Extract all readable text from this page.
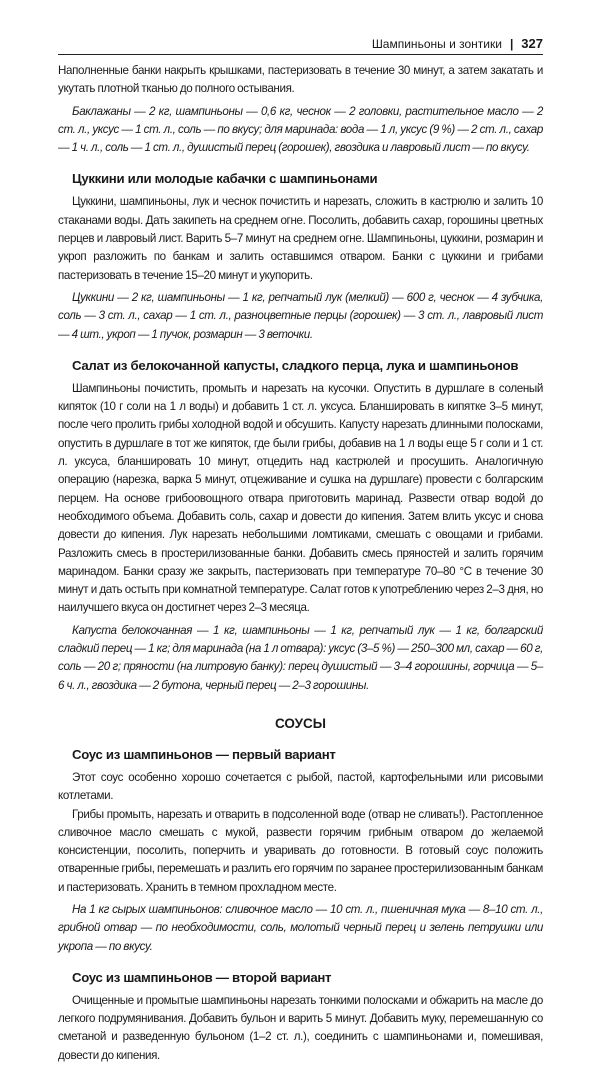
Шампиньоны и зонтики | 327

Наполненные банки накрыть крышками, пастеризовать в течение 30 минут, а затем закатать и укутать плотной тканью до полного остывания.

Баклажаны — 2 кг, шампиньоны — 0,6 кг, чеснок — 2 головки, растительное масло — 2 ст. л., уксус — 1 ст. л., соль — по вкусу; для маринада: вода — 1 л, уксус (9 %) — 2 ст. л., сахар — 1 ч. л., соль — 1 ст. л., душистый перец (горошек), гвоздика и лавровый лист — по вкусу.

Цуккини или молодые кабачки с шампиньонами

Цуккини, шампиньоны, лук и чеснок почистить и нарезать, сложить в кастрюлю и залить 10 стаканами воды. Дать закипеть на среднем огне. Посолить, добавить сахар, горошины цветных перцев и лавровый лист. Варить 5–7 минут на среднем огне. Шампиньоны, цуккини, розмарин и укроп разложить по банкам и залить оставшимся отваром. Банки с цуккини и грибами пастеризовать в течение 15–20 минут и укупорить.

Цуккини — 2 кг, шампиньоны — 1 кг, репчатый лук (мелкий) — 600 г, чеснок — 4 зубчика, соль — 3 ст. л., сахар — 1 ст. л., разноцветные перцы (горошек) — 3 ст. л., лавровый лист — 4 шт., укроп — 1 пучок, розмарин — 3 веточки.

Салат из белокочанной капусты, сладкого перца, лука и шампиньонов

Шампиньоны почистить, промыть и нарезать на кусочки. Опустить в дуршлаге в соленый кипяток (10 г соли на 1 л воды) и добавить 1 ст. л. уксуса. Бланшировать в кипятке 3–5 минут, после чего пролить грибы холодной водой и обсушить. Капусту нарезать длинными полосками, опустить в дуршлаге в тот же кипяток, где были грибы, добавив на 1 л воды еще 5 г соли и 1 ст. л. уксуса, бланшировать 10 минут, отцедить над кастрюлей и просушить. Аналогичную операцию (нарезка, варка 5 минут, отцеживание и сушка на дуршлаге) провести с болгарским перцем. На основе грибоовощного отвара приготовить маринад. Развести отвар водой до необходимого объема. Добавить соль, сахар и довести до кипения. Затем влить уксус и снова довести до кипения. Лук нарезать небольшими ломтиками, смешать с овощами и грибами. Разложить смесь в простерилизованные банки. Добавить смесь пряностей и залить горячим маринадом. Банки сразу же закрыть, пастеризовать при температуре 70–80 °С в течение 30 минут и дать остыть при комнатной температуре. Салат готов к употреблению через 2–3 дня, но наилучшего вкуса он достигнет через 2–3 месяца.

Капуста белокочанная — 1 кг, шампиньоны — 1 кг, репчатый лук — 1 кг, болгарский сладкий перец — 1 кг; для маринада (на 1 л отвара): уксус (3–5 %) — 250–300 мл, сахар — 60 г, соль — 20 г; пряности (на литровую банку): перец душистый — 3–4 горошины, горчица — 5–6 ч. л., гвоздика — 2 бутона, черный перец — 2–3 горошины.

СОУСЫ
Соус из шампиньонов — первый вариант

Этот соус особенно хорошо сочетается с рыбой, пастой, картофельными или рисовыми котлетами.

Грибы промыть, нарезать и отварить в подсоленной воде (отвар не сливать!). Растопленное сливочное масло смешать с мукой, развести горячим грибным отваром до желаемой консистенции, посолить, поперчить и уваривать до готовности. В готовый соус положить отваренные грибы, перемешать и разлить его горячим по заранее простерилизованным банкам и пастеризовать. Хранить в темном прохладном месте.

На 1 кг сырых шампиньонов: сливочное масло — 10 ст. л., пшеничная мука — 8–10 ст. л., грибной отвар — по необходимости, соль, молотый черный перец и зелень петрушки или укропа — по вкусу.

Соус из шампиньонов — второй вариант

Очищенные и промытые шампиньоны нарезать тонкими полосками и обжарить на масле до легкого подрумянивания. Добавить бульон и варить 5 минут. Добавить муку, перемешанную со сметаной и разведенную бульоном (1–2 ст. л.), соединить с шампиньонами и, помешивая, довести до кипения.
